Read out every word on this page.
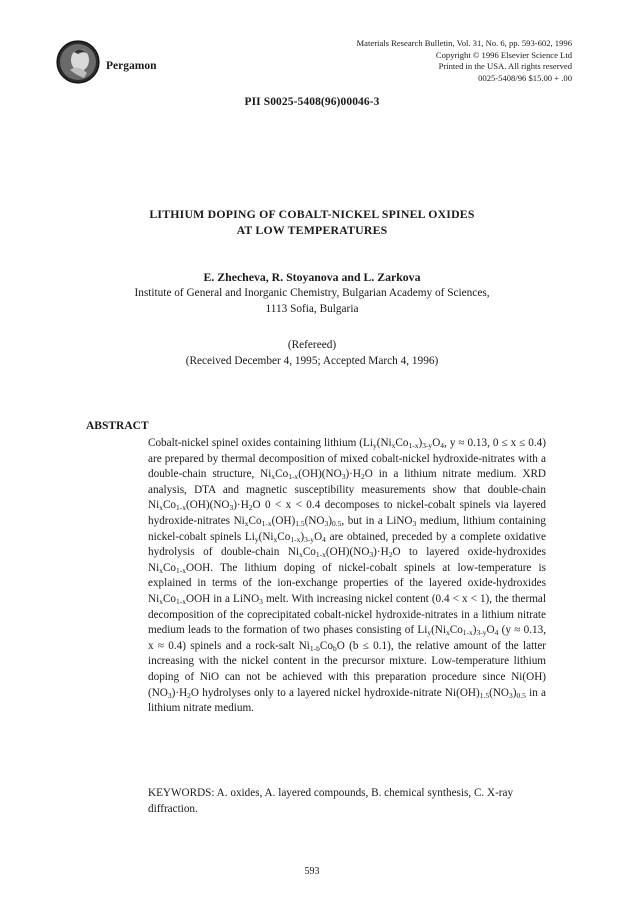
Pergamon
Materials Research Bulletin, Vol. 31, No. 6, pp. 593-602, 1996
Copyright © 1996 Elsevier Science Ltd
Printed in the USA. All rights reserved
0025-5408/96 $15.00 + .00
PII S0025-5408(96)00046-3
LITHIUM DOPING OF COBALT-NICKEL SPINEL OXIDES
AT LOW TEMPERATURES
E. Zhecheva, R. Stoyanova and L. Zarkova
Institute of General and Inorganic Chemistry, Bulgarian Academy of Sciences,
1113 Sofia, Bulgaria
(Refereed)
(Received December 4, 1995; Accepted March 4, 1996)
ABSTRACT
Cobalt-nickel spinel oxides containing lithium ($Li_y(Ni_xCo_{1-x})_{3-y}O_4$, y ≈ 0.13, 0 ≤ x ≤ 0.4) are prepared by thermal decomposition of mixed cobalt-nickel hydroxide-nitrates with a double-chain structure, $Ni_xCo_{1-x}(OH)(NO_3)\cdot H_2O$ in a lithium nitrate medium. XRD analysis, DTA and magnetic susceptibility measurements show that double-chain $Ni_xCo_{1-x}(OH)(NO_3)\cdot H_2O$ 0 < x < 0.4 decomposes to nickel-cobalt spinels via layered hydroxide-nitrates $Ni_xCo_{1-x}(OH)_{1.5}(NO_3)_{0.5}$, but in a LiNO$_3$ medium, lithium containing nickel-cobalt spinels $Li_y(Ni_xCo_{1-x})_{3-y}O_4$ are obtained, preceded by a complete oxidative hydrolysis of double-chain $Ni_xCo_{1-x}(OH)(NO_3)\cdot H_2O$ to layered oxide-hydroxides $Ni_xCo_{1-x}OOH$. The lithium doping of nickel-cobalt spinels at low-temperature is explained in terms of the ion-exchange properties of the layered oxide-hydroxides $Ni_xCo_{1-x}OOH$ in a LiNO$_3$ melt. With increasing nickel content (0.4 < x < 1), the thermal decomposition of the coprecipitated cobalt-nickel hydroxide-nitrates in a lithium nitrate medium leads to the formation of two phases consisting of $Li_y(Ni_xCo_{1-x})_{3-y}O_4$ (y ≈ 0.13, x ≈ 0.4) spinels and a rock-salt $Ni_{1-b}Co_bO$ (b ≤ 0.1), the relative amount of the latter increasing with the nickel content in the precursor mixture. Low-temperature lithium doping of NiO can not be achieved with this preparation procedure since $Ni(OH)(NO_3)\cdot H_2O$ hydrolyses only to a layered nickel hydroxide-nitrate $Ni(OH)_{1.5}(NO_3)_{0.5}$ in a lithium nitrate medium.
KEYWORDS: A. oxides, A. layered compounds, B. chemical synthesis, C. X-ray diffraction.
593
